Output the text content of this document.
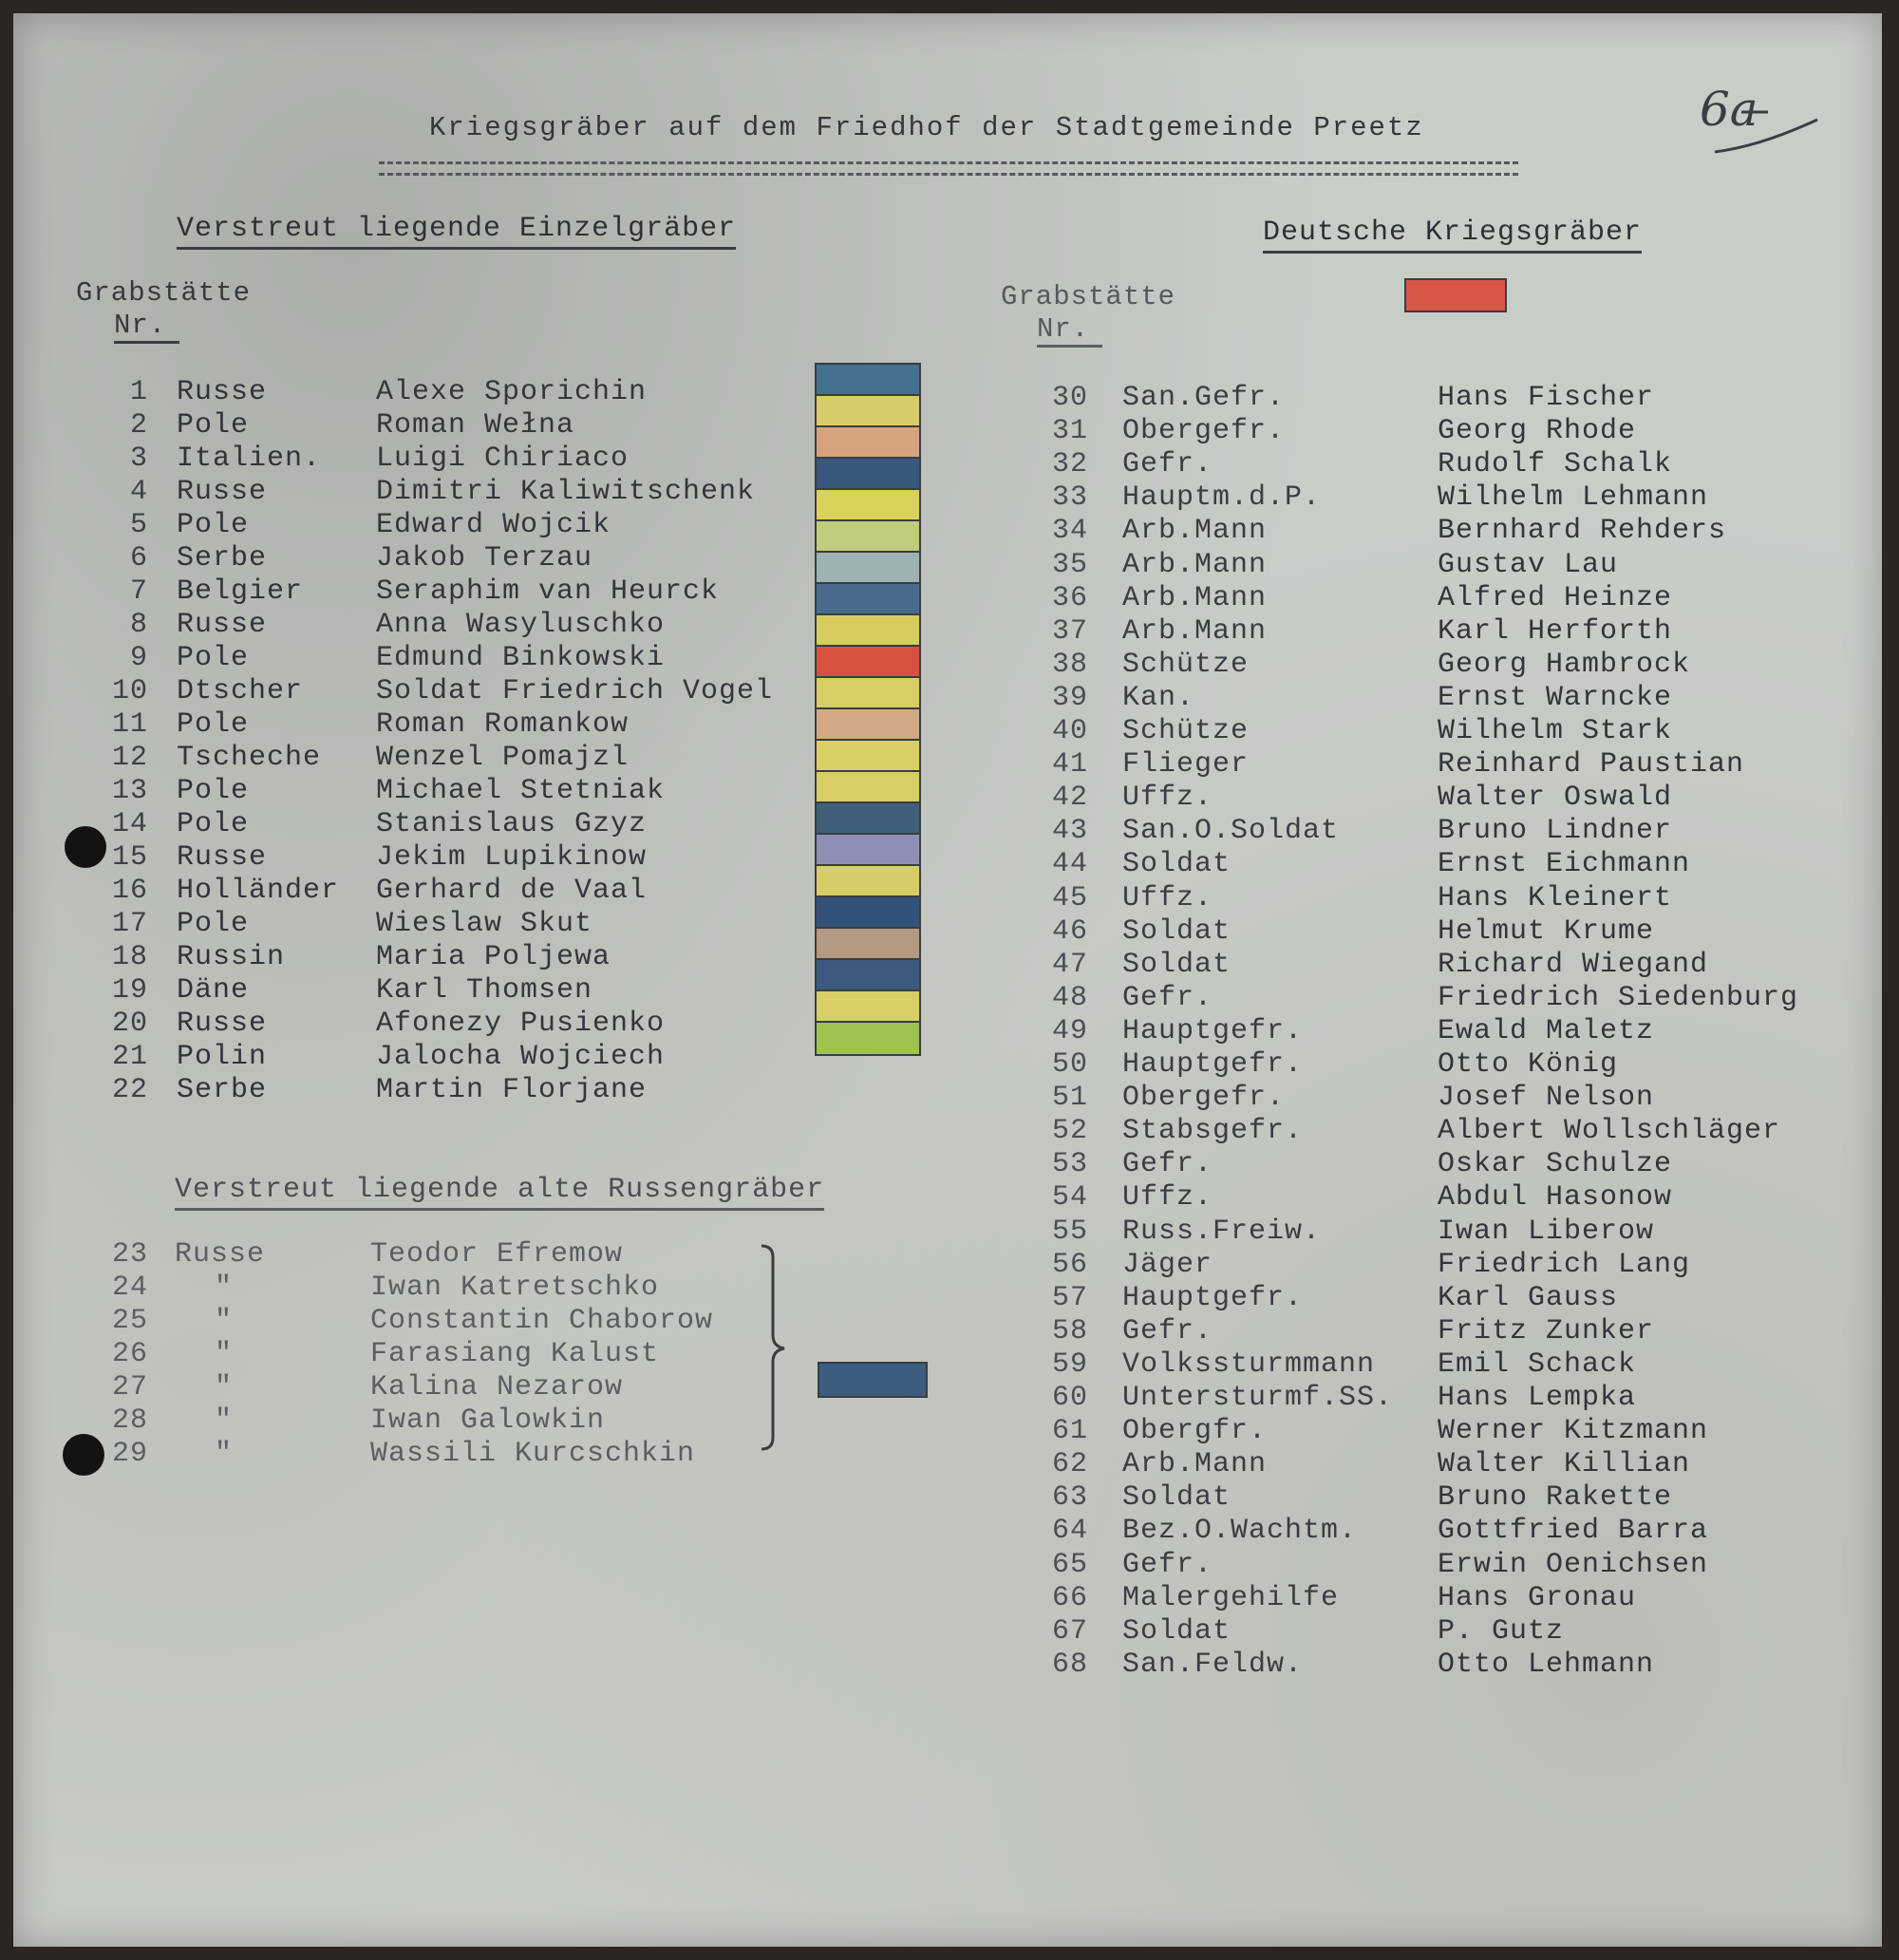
Kriegsgräber auf dem Friedhof der Stadtgemeinde Preetz	6a
Verstreut liegende Einzelgräber	Deutsche Kriegsgräber
Grabstätte
Nr.
Grabstätte
Nr.
1 Russe	Alexe Sporichin
2 Pole	Roman Wełna
3 Italien. Luigi Chiriaco
4 Russe	Dimitri Kaliwitschenk
5 Pole	Edward Wojcik
6 Serbe	Jakob Terzau
7 Belgier	Seraphim van Heurck
8 Russe	Anna Wasyluschko
9 Pole	Edmund Binkowski
10 Dtscher	Soldat Friedrich Vogel
11 Pole	Roman Romankow
12 Tscheche Wenzel Pomajzl
13 Pole	Michael Stetniak
14 Pole	Stanislaus Gzyz
15 Russe	Jekim Lupikinow
16 Holländer Gerhard de Vaal
17 Pole	Wieslaw Skut
18 Russin	Maria Poljewa
19 Däne	Karl Thomsen
20 Russe	Afonezy Pusienko
21 Polin	Jalocha Wojciech
22 Serbe	Martin Florjane
Verstreut liegende alte Russengräber
23 Russe	Teodor Efremow
24 "	Iwan Katretschko
25 "	Constantin Chaborow
26 "	Farasiang Kalust
27 "	Kalina Nezarow
28 "	Iwan Galowkin
29 "	Wassili Kurcschkin
30 San.Gefr.	Hans Fischer
31 Obergefr.	Georg Rhode
32 Gefr.	Rudolf Schalk
33 Hauptm.d.P.	Wilhelm Lehmann
34 Arb.Mann	Bernhard Rehders
35 Arb.Mann	Gustav Lau
36 Arb.Mann	Alfred Heinze
37 Arb.Mann	Karl Herforth
38 Schütze	Georg Hambrock
39 Kan.	Ernst Warncke
40 Schütze	Wilhelm Stark
41 Flieger	Reinhard Paustian
42 Uffz.	Walter Oswald
43 San.O.Soldat	Bruno Lindner
44 Soldat	Ernst Eichmann
45 Uffz.	Hans Kleinert
46 Soldat	Helmut Krume
47 Soldat	Richard Wiegand
48 Gefr.	Friedrich Siedenburg
49 Hauptgefr.	Ewald Maletz
50 Hauptgefr.	Otto König
51 Obergefr.	Josef Nelson
52 Stabsgefr.	Albert Wollschläger
53 Gefr.	Oskar Schulze
54 Uffz.	Abdul Hasonow
55 Russ.Freiw.	Iwan Liberow
56 Jäger	Friedrich Lang
57 Hauptgefr.	Karl Gauss
58 Gefr.	Fritz Zunker
59 Volkssturmmann Emil Schack
60 Untersturmf.SS. Hans Lempka
61 Obergfr.	Werner Kitzmann
62 Arb.Mann	Walter Killian
63 Soldat	Bruno Rakette
64 Bez.O.Wachtm.	Gottfried Barra
65 Gefr.	Erwin Oenichsen
66 Malergehilfe	Hans Gronau
67 Soldat	P. Gutz
68 San.Feldw.	Otto Lehmann
